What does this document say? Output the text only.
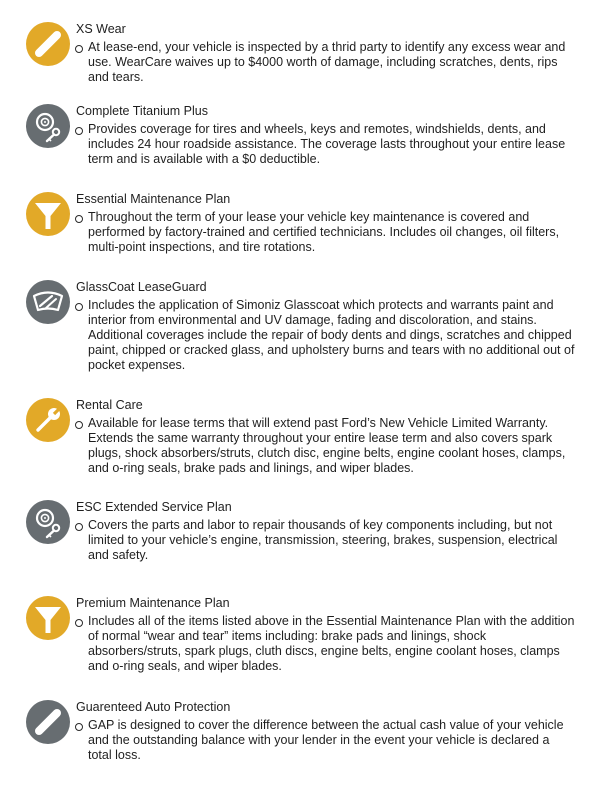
XS Wear
At lease-end, your vehicle is inspected by a thrid party to identify any excess wear and use. WearCare waives up to $4000 worth of damage, including scratches, dents, rips and tears.
Complete Titanium Plus
Provides coverage for tires and wheels, keys and remotes, windshields, dents, and includes 24 hour roadside assistance. The coverage lasts throughout your entire lease term and is available with a $0 deductible.
Essential Maintenance Plan
Throughout the term of your lease your vehicle key maintenance is covered and performed by factory-trained and certified technicians. Includes oil changes, oil filters, multi-point inspections, and tire rotations.
GlassCoat LeaseGuard
Includes the application of Simoniz Glasscoat which protects and warrants paint and interior from environmental and UV damage, fading and discoloration, and stains. Additional coverages include the repair of body dents and dings, scratches and chipped paint, chipped or cracked glass, and upholstery burns and tears with no additional out of pocket expenses.
Rental Care
Available for lease terms that will extend past Ford’s New Vehicle Limited Warranty. Extends the same warranty throughout your entire lease term and also covers spark plugs, shock absorbers/struts, clutch disc, engine belts, engine coolant hoses, clamps, and o-ring seals, brake pads and linings, and wiper blades.
ESC Extended Service Plan
Covers the parts and labor to repair thousands of key components including, but not limited to your vehicle’s engine, transmission, steering, brakes, suspension, electrical and safety.
Premium Maintenance Plan
Includes all of the items listed above in the Essential Maintenance Plan with the addition of normal “wear and tear” items including: brake pads and linings, shock absorbers/struts, spark plugs, cluth discs, engine belts, engine coolant hoses, clamps and o-ring seals, and wiper blades.
Guarenteed Auto Protection
GAP is designed to cover the difference between the actual cash value of your vehicle and the outstanding balance with your lender in the event your vehicle is declared a total loss.
